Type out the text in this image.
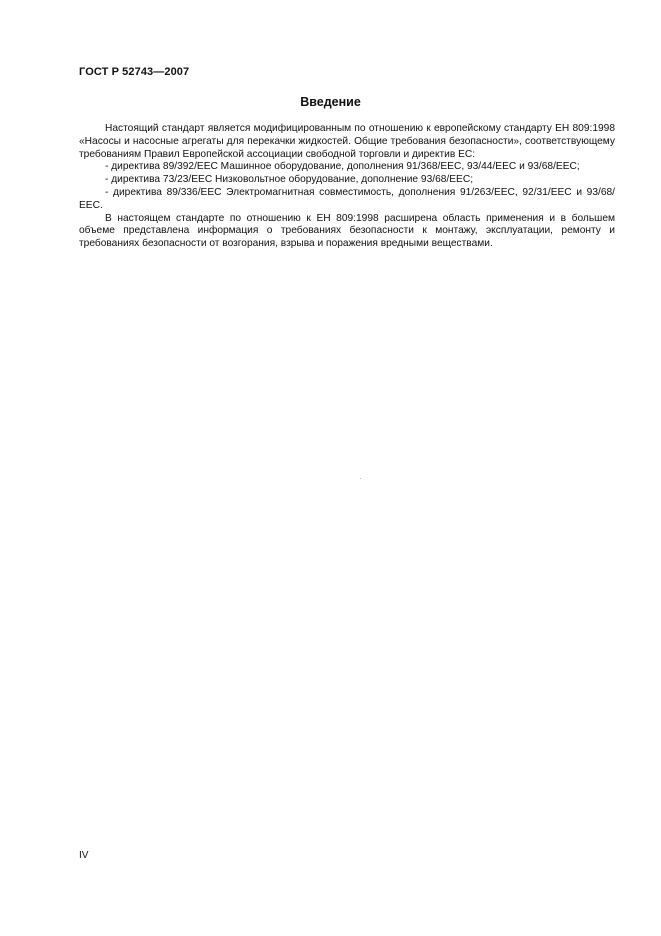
ГОСТ Р 52743—2007
Введение

Настоящий стандарт является модифицированным по отношению к европейскому стандарту ЕН 809:1998 «Насосы и насосные агрегаты для перекачки жидкостей. Общие требования безопасности», соответствующему требованиям Правил Европейской ассоциации свободной торговли и директив ЕС:

- директива 89/392/ЕЕС Машинное оборудование, дополнения 91/368/ЕЕС, 93/44/ЕЕС и 93/68/ЕЕС;

- директива 73/23/ЕЕС Низковольтное оборудование, дополнение 93/68/ЕЕС;

- директива 89/336/ЕЕС Электромагнитная совместимость, дополнения 91/263/ЕЕС, 92/31/ЕЕС и 93/68/ЕЕС.

В настоящем стандарте по отношению к ЕН 809:1998 расширена область применения и в большем объеме представлена информация о требованиях безопасности к монтажу, эксплуатации, ремонту и требованиях безопасности от возгорания, взрыва и поражения вредными веществами.

IV
